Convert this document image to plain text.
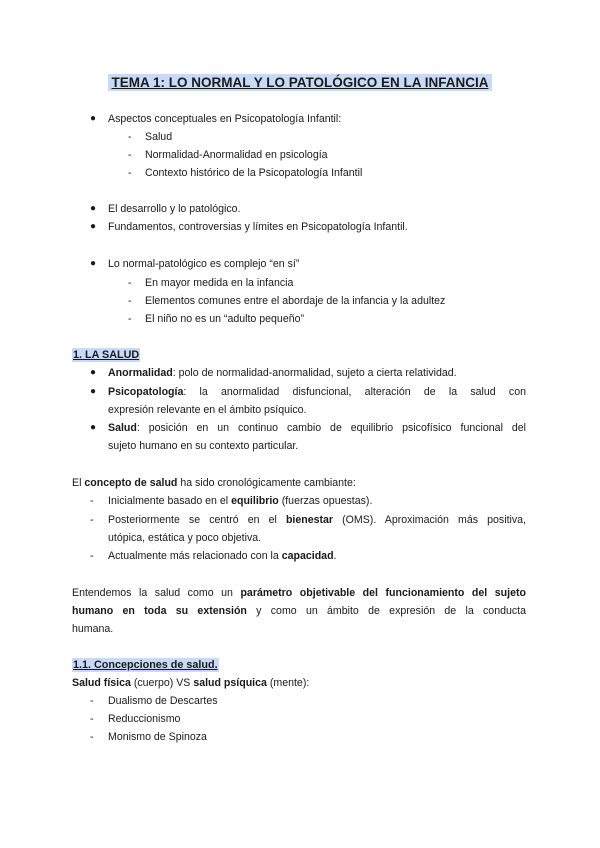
TEMA 1: LO NORMAL Y LO PATOLÓGICO EN LA INFANCIA
● Aspectos conceptuales en Psicopatología Infantil:
- Salud
- Normalidad-Anormalidad en psicología
- Contexto histórico de la Psicopatología Infantil
● El desarrollo y lo patológico.
● Fundamentos, controversias y límites en Psicopatología Infantil.
● Lo normal-patológico es complejo “en sí”
- En mayor medida en la infancia
- Elementos comunes entre el abordaje de la infancia y la adultez
- El niño no es un “adulto pequeño”
1. LA SALUD
● Anormalidad: polo de normalidad-anormalidad, sujeto a cierta relatividad.
● Psicopatología: la anormalidad disfuncional, alteración de la salud con
expresión relevante en el ámbito psíquico.
● Salud: posición en un continuo cambio de equilibrio psicofísico funcional del
sujeto humano en su contexto particular.
El concepto de salud ha sido cronológicamente cambiante:
- Inicialmente basado en el equilibrio (fuerzas opuestas).
- Posteriormente se centró en el bienestar (OMS). Aproximación más positiva,
utópica, estática y poco objetiva.
- Actualmente más relacionado con la capacidad.
Entendemos la salud como un parámetro objetivable del funcionamiento del sujeto
humano en toda su extensión y como un ámbito de expresión de la conducta
humana.
1.1. Concepciones de salud.
Salud física (cuerpo) VS salud psíquica (mente):
- Dualismo de Descartes
- Reduccionismo
- Monismo de Spinoza
